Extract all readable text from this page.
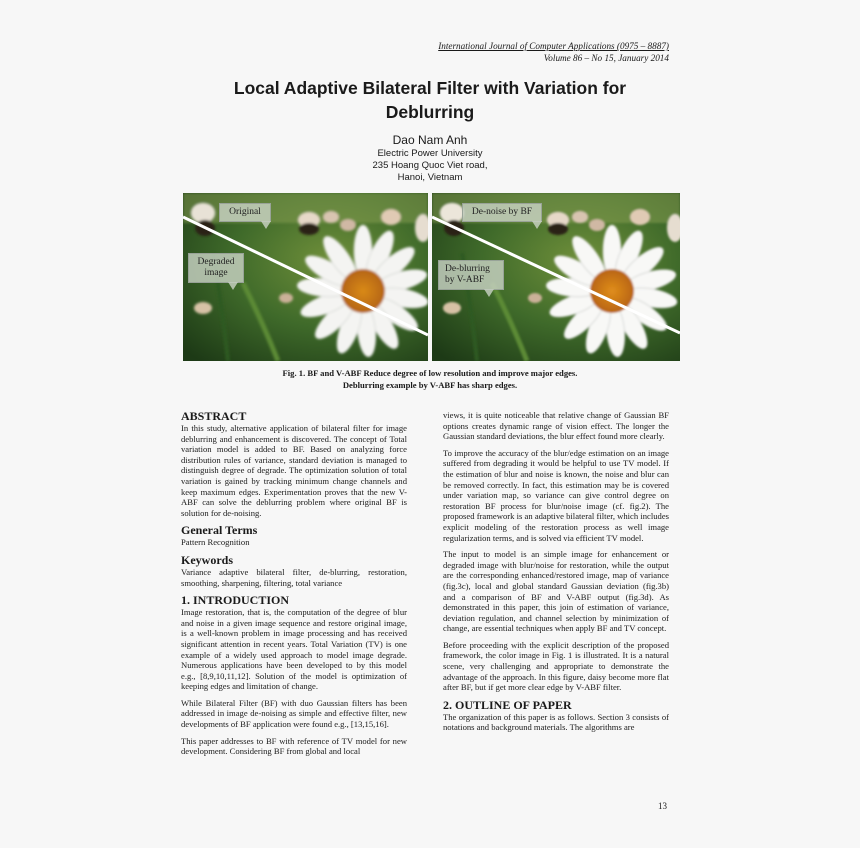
International Journal of Computer Applications (0975 – 8887)
Volume 86 – No 15, January 2014
Local Adaptive Bilateral Filter with Variation for
Deblurring
Dao Nam Anh
Electric Power University
235 Hoang Quoc Viet road,
Hanoi, Vietnam
Original
Degraded image
De-noise by BF
De-blurring by V-ABF
Fig. 1. BF and V-ABF Reduce degree of low resolution and improve major edges.
Deblurring example by V-ABF has sharp edges.
ABSTRACT

In this study, alternative application of bilateral filter for image deblurring and enhancement is discovered. The concept of Total variation model is added to BF. Based on analyzing force distribution rules of variance, standard deviation is managed to distinguish degree of degrade. The optimization solution of total variation is gained by tracking minimum change channels and keep maximum edges. Experimentation proves that the new V-ABF can solve the deblurring problem where original BF is solution for de-noising.

General Terms

Pattern Recognition

Keywords

Variance adaptive bilateral filter, de-blurring, restoration, smoothing, sharpening, filtering, total variance

1. INTRODUCTION

Image restoration, that is, the computation of the degree of blur and noise in a given image sequence and restore original image, is a well-known problem in image processing and has received significant attention in recent years. Total Variation (TV) is one example of a widely used approach to model image degrade. Numerous applications have been developed to by this model e.g., [8,9,10,11,12]. Solution of the model is optimization of keeping edges and limitation of change.

While Bilateral Filter (BF) with duo Gaussian filters has been addressed in image de-noising as simple and effective filter, new developments of BF application were found e.g., [13,15,16].

This paper addresses to BF with reference of TV model for new development. Considering BF from global and local

views, it is quite noticeable that relative change of Gaussian BF options creates dynamic range of vision effect. The longer the Gaussian standard deviations, the blur effect found more clearly.

To improve the accuracy of the blur/edge estimation on an image suffered from degrading it would be helpful to use TV model. If the estimation of blur and noise is known, the noise and blur can be removed correctly. In fact, this estimation may be is covered under variation map, so variance can give control degree on restoration BF process for blur/noise image (cf. fig.2). The proposed framework is an adaptive bilateral filter, which includes explicit modeling of the restoration process as well image regularization terms, and is solved via efficient TV model.

The input to model is an simple image for enhancement or degraded image with blur/noise for restoration, while the output are the corresponding enhanced/restored image, map of variance (fig.3c), local and global standard Gaussian deviation (fig.3b) and a comparison of BF and V-ABF output (fig.3d). As demonstrated in this paper, this join of estimation of variance, deviation regulation, and channel selection by minimization of change, are essential techniques when apply BF and TV concept.

Before proceeding with the explicit description of the proposed framework, the color image in Fig. 1 is illustrated. It is a natural scene, very challenging and appropriate to demonstrate the advantage of the approach. In this figure, daisy become more flat after BF, but if get more clear edge by V-ABF filter.

2. OUTLINE OF PAPER

The organization of this paper is as follows. Section 3 consists of notations and background materials. The algorithms are

13
